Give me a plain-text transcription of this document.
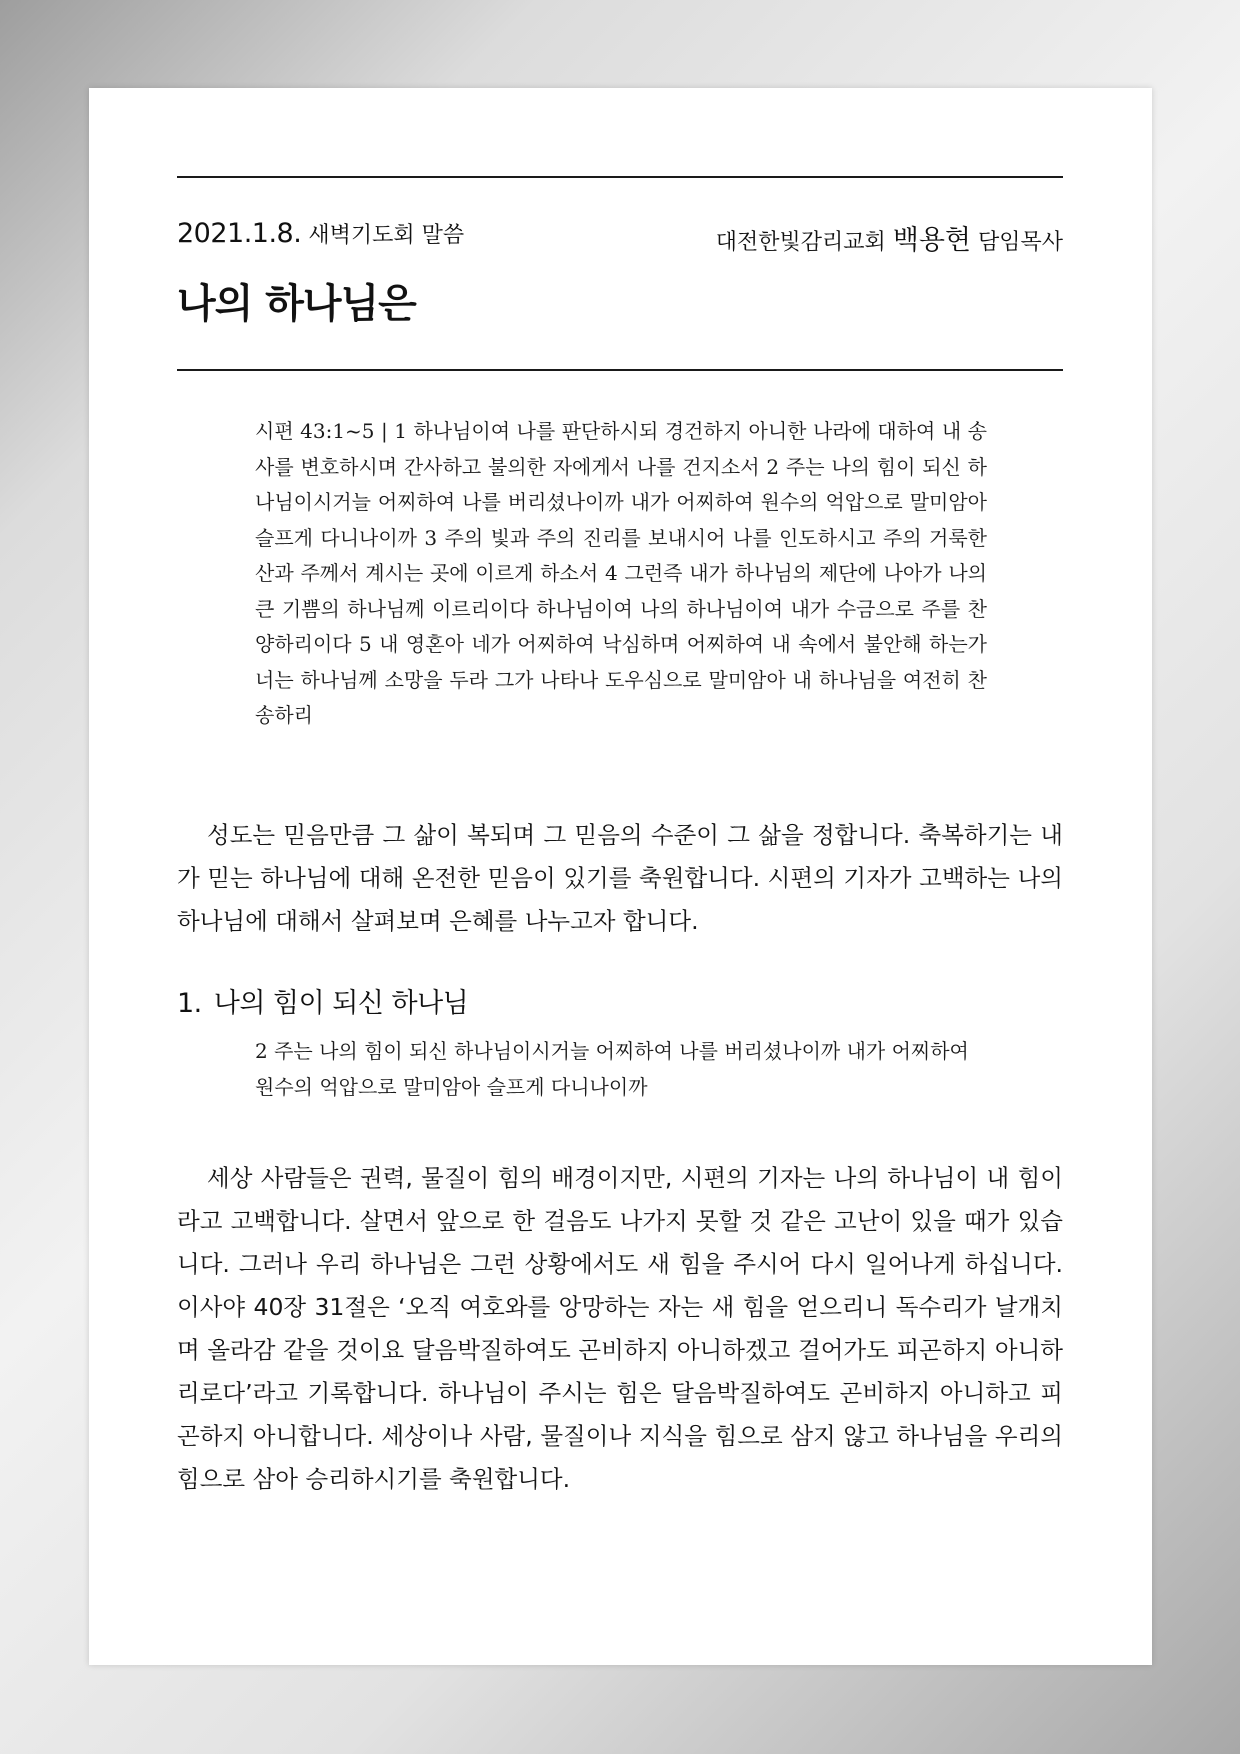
2021.1.8. 새벽기도회 말씀	대전한빛감리교회 백용현 담임목사
나의 하나님은

시편 43:1~5 | 1 하나님이여 나를 판단하시되 경건하지 아니한 나라에 대하여 내 송사를 변호하시며 간사하고 불의한 자에게서 나를 건지소서 2 주는 나의 힘이 되신 하나님이시거늘 어찌하여 나를 버리셨나이까 내가 어찌하여 원수의 억압으로 말미암아 슬프게 다니나이까 3 주의 빛과 주의 진리를 보내시어 나를 인도하시고 주의 거룩한 산과 주께서 계시는 곳에 이르게 하소서 4 그런즉 내가 하나님의 제단에 나아가 나의 큰 기쁨의 하나님께 이르리이다 하나님이여 나의 하나님이여 내가 수금으로 주를 찬양하리이다 5 내 영혼아 네가 어찌하여 낙심하며 어찌하여 내 속에서 불안해 하는가 너는 하나님께 소망을 두라 그가 나타나 도우심으로 말미암아 내 하나님을 여전히 찬송하리

성도는 믿음만큼 그 삶이 복되며 그 믿음의 수준이 그 삶을 정합니다. 축복하기는 내가 믿는 하나님에 대해 온전한 믿음이 있기를 축원합니다. 시편의 기자가 고백하는 나의 하나님에 대해서 살펴보며 은혜를 나누고자 합니다.

1. 나의 힘이 되신 하나님

2 주는 나의 힘이 되신 하나님이시거늘 어찌하여 나를 버리셨나이까 내가 어찌하여 원수의 억압으로 말미암아 슬프게 다니나이까

세상 사람들은 권력, 물질이 힘의 배경이지만, 시편의 기자는 나의 하나님이 내 힘이라고 고백합니다. 살면서 앞으로 한 걸음도 나가지 못할 것 같은 고난이 있을 때가 있습니다. 그러나 우리 하나님은 그런 상황에서도 새 힘을 주시어 다시 일어나게 하십니다. 이사야 40장 31절은 ‘오직 여호와를 앙망하는 자는 새 힘을 얻으리니 독수리가 날개치며 올라감 같을 것이요 달음박질하여도 곤비하지 아니하겠고 걸어가도 피곤하지 아니하리로다’라고 기록합니다. 하나님이 주시는 힘은 달음박질하여도 곤비하지 아니하고 피곤하지 아니합니다. 세상이나 사람, 물질이나 지식을 힘으로 삼지 않고 하나님을 우리의 힘으로 삼아 승리하시기를 축원합니다.
